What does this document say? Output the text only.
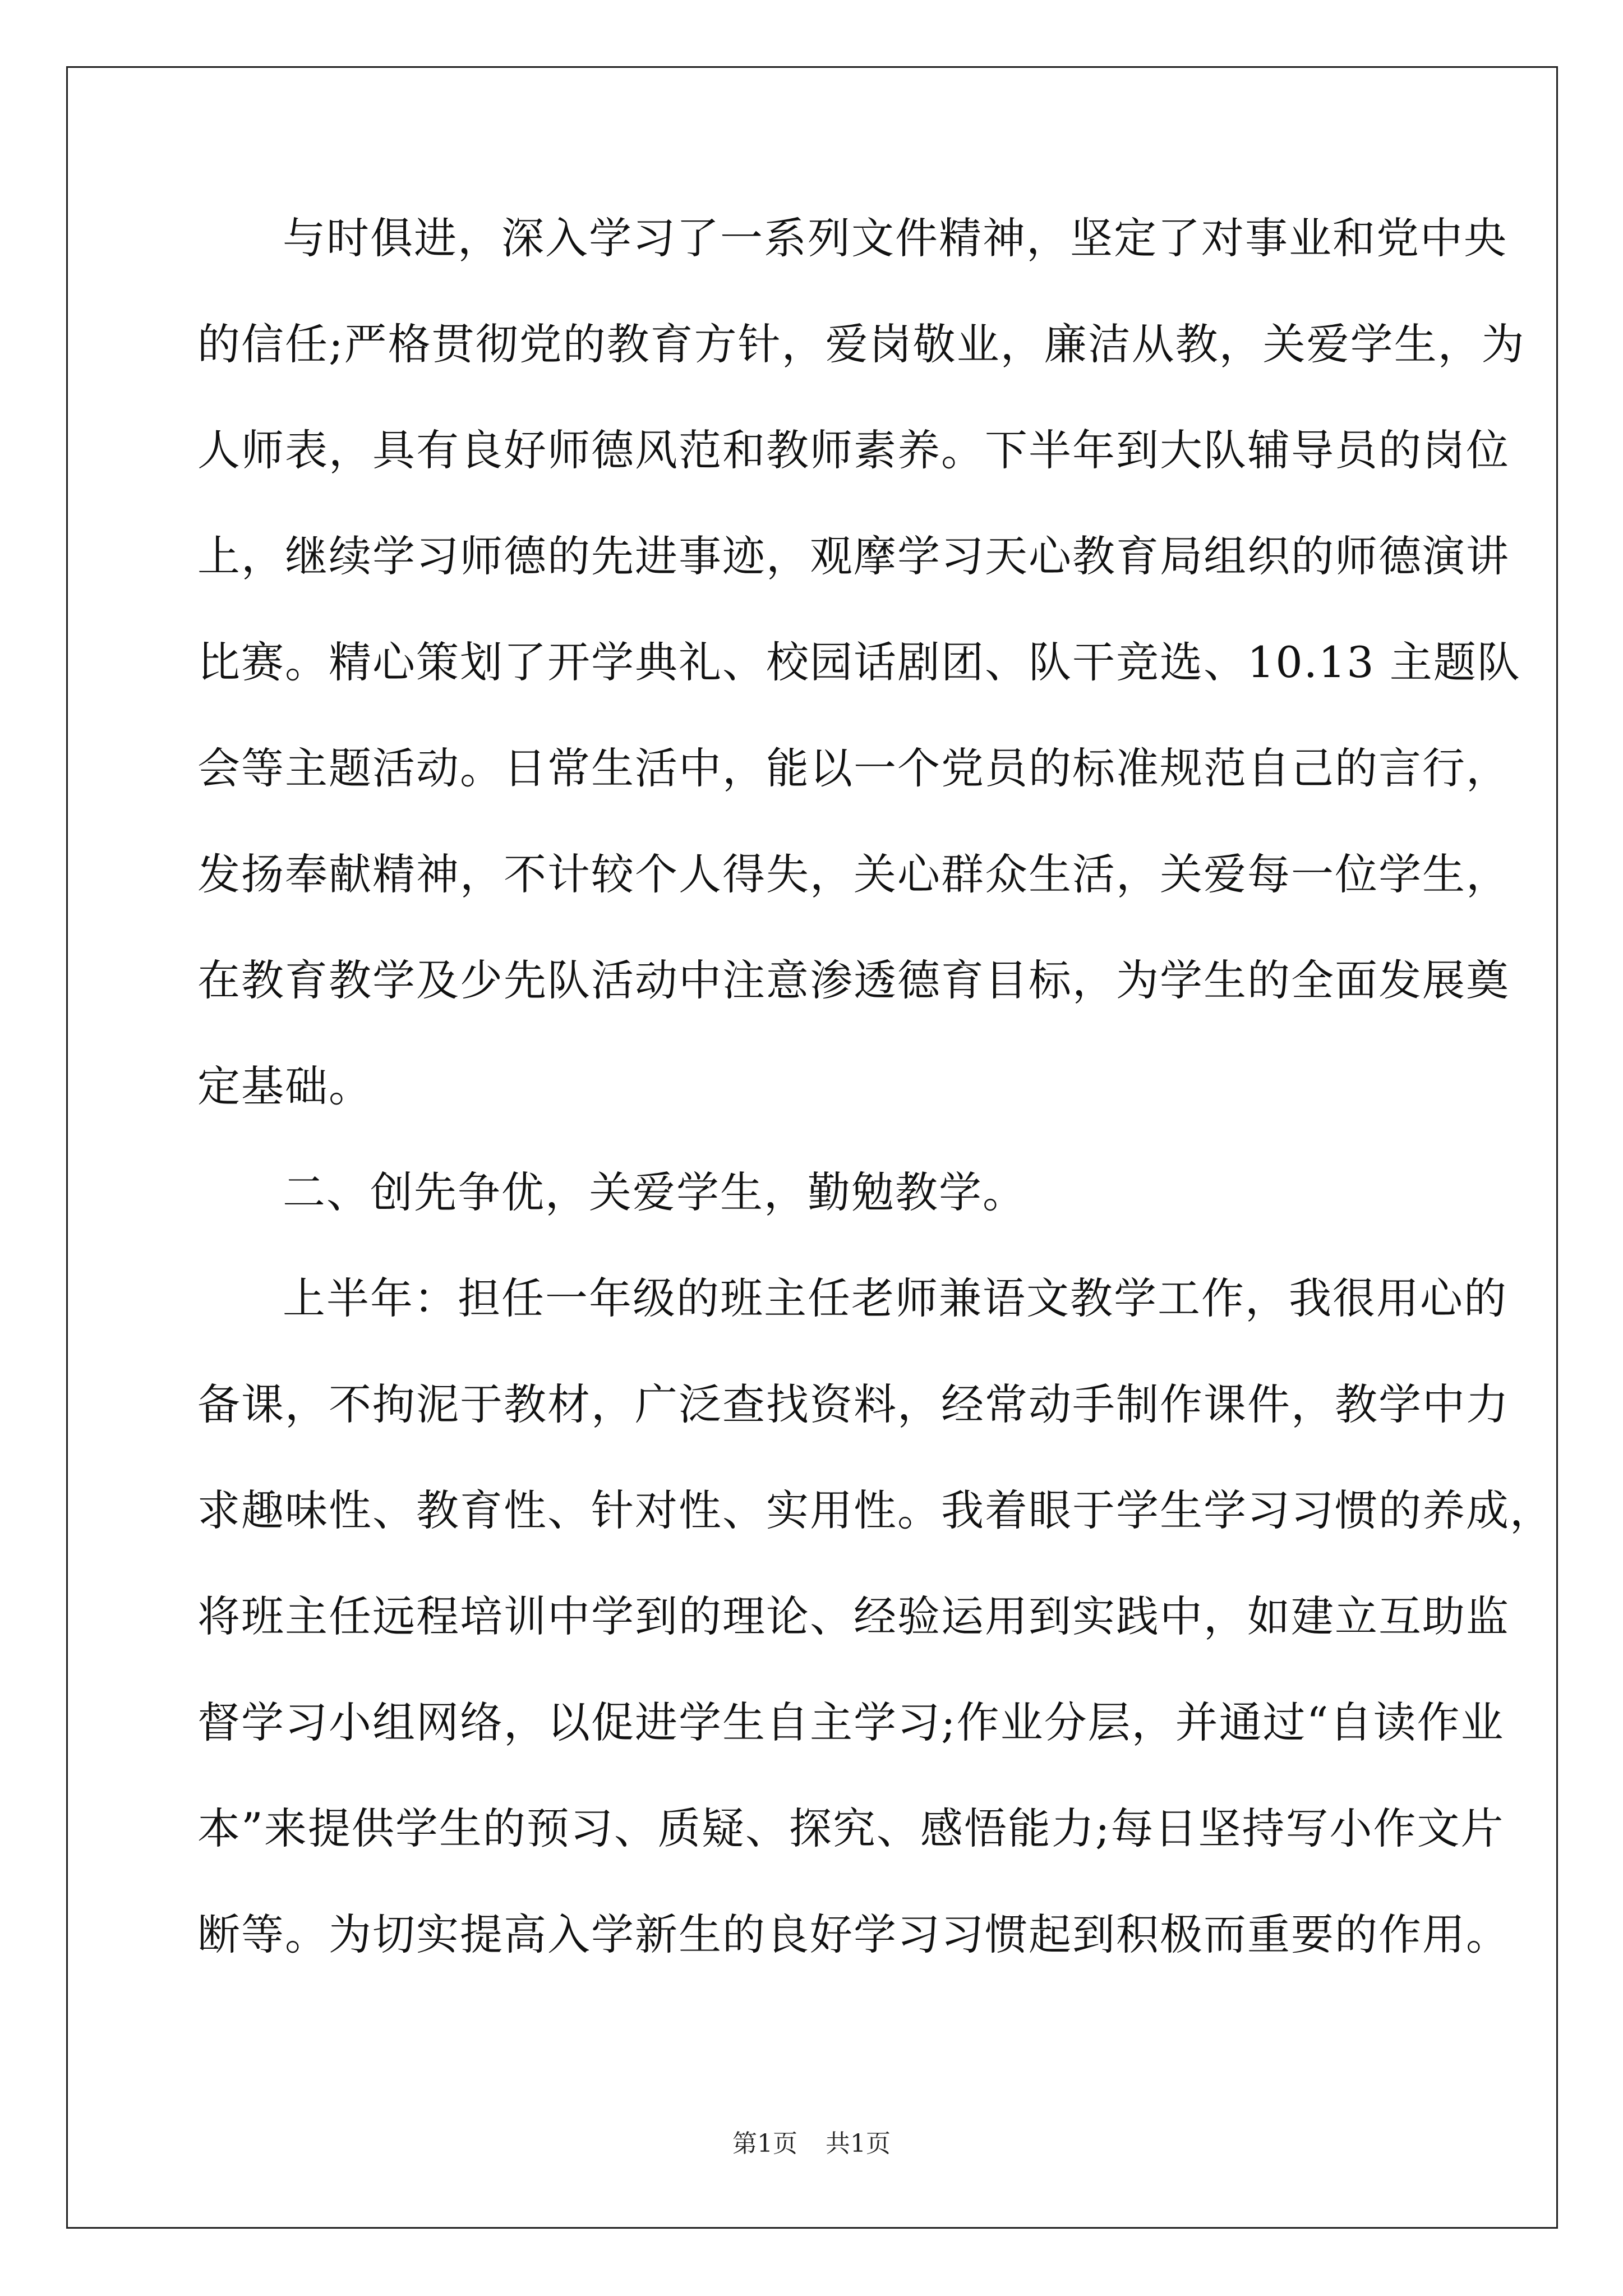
与时俱进，深入学习了一系列文件精神，坚定了对事业和党中央
的信任;严格贯彻党的教育方针，爱岗敬业，廉洁从教，关爱学生，为
人师表，具有良好师德风范和教师素养。下半年到大队辅导员的岗位
上，继续学习师德的先进事迹，观摩学习天心教育局组织的师德演讲
比赛。精心策划了开学典礼、校园话剧团、队干竞选、10.13 主题队
会等主题活动。日常生活中，能以一个党员的标准规范自己的言行，
发扬奉献精神，不计较个人得失，关心群众生活，关爱每一位学生，
在教育教学及少先队活动中注意渗透德育目标，为学生的全面发展奠
定基础。
二、创先争优，关爱学生，勤勉教学。
上半年：担任一年级的班主任老师兼语文教学工作，我很用心的
备课，不拘泥于教材，广泛查找资料，经常动手制作课件，教学中力
求趣味性、教育性、针对性、实用性。我着眼于学生学习习惯的养成，
将班主任远程培训中学到的理论、经验运用到实践中，如建立互助监
督学习小组网络，以促进学生自主学习;作业分层，并通过“自读作业
本”来提供学生的预习、质疑、探究、感悟能力;每日坚持写小作文片
断等。为切实提高入学新生的良好学习习惯起到积极而重要的作用。
第1页 共1页
